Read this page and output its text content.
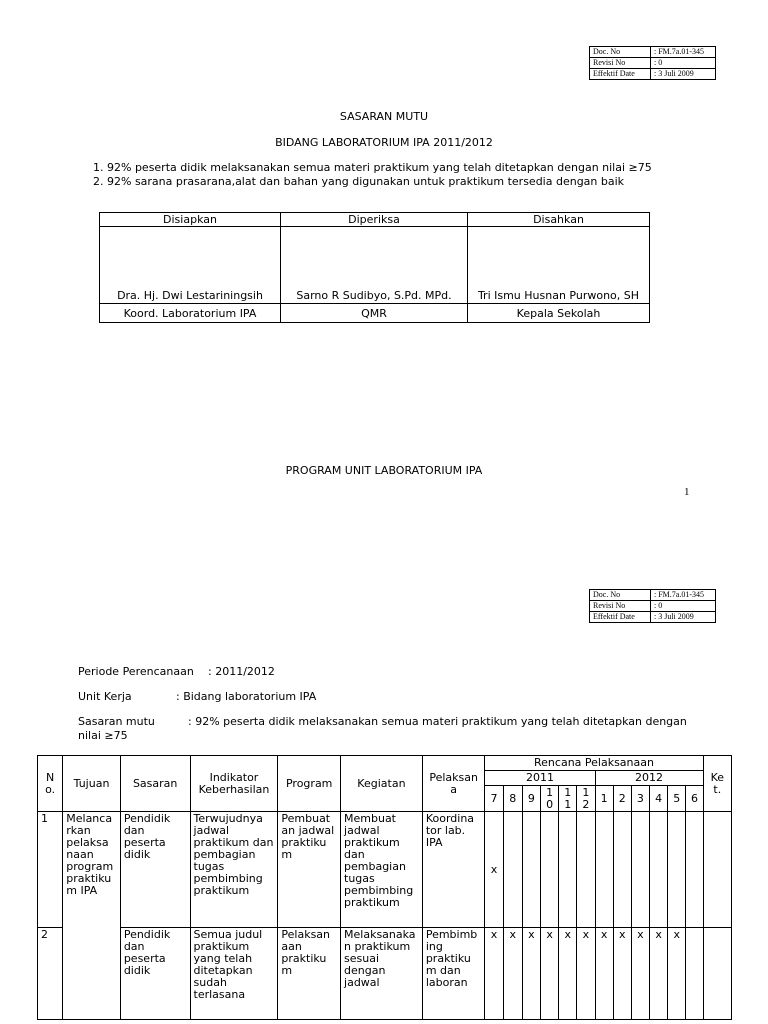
Doc. No	: FM.7a.01-345
Revisi No	: 0
Effektif Date	: 3 Juli 2009
SASARAN MUTU
BIDANG LABORATORIUM IPA 2011/2012
1. 92% peserta didik melaksanakan semua materi praktikum yang telah ditetapkan dengan nilai ≥75
2. 92% sarana prasarana,alat dan bahan yang digunakan untuk praktikum tersedia dengan baik
Disiapkan	Diperiksa	Disahkan
Dra. Hj. Dwi Lestariningsih	Sarno R Sudibyo, S.Pd. MPd.	Tri Ismu Husnan Purwono, SH
Koord. Laboratorium IPA	QMR	Kepala Sekolah
PROGRAM UNIT LABORATORIUM IPA
1
Doc. No	: FM.7a.01-345
Revisi No	: 0
Effektif Date	: 3 Juli 2009
Periode Perencanaan : 2011/2012
Unit Kerja	: Bidang laboratorium IPA
Sasaran mutu	: 92% peserta didik melaksanakan semua materi praktikum yang telah ditetapkan dengan
nilai ≥75
N o.	Tujuan	Sasaran	Indikator Keberhasilan	Program	Kegiatan	Pelaksan a	Rencana Pelaksanaan												Ke t.
							2011						2012						
							7	8	9	1 0	1 1	1 2	1	2	3	4	5	6	
1	Melanca rkan pelaksa naan program praktiku m IPA	Pendidik dan peserta didik	Terwujudnya jadwal praktikum dan pembagian tugas pembimbing praktikum	Pembuat an jadwal praktiku m	Membuat jadwal praktikum dan pembagian tugas pembimbing praktikum	Koordina tor lab. IPA	x												
2		Pendidik dan peserta didik	Semua judul praktikum yang telah ditetapkan sudah terlasana	Pelaksan aan praktiku m	Melaksanaka n praktikum sesuai dengan jadwal	Pembimb ing praktiku m dan laboran	x	x	x	x	x	x	x	x	x	x	x		
